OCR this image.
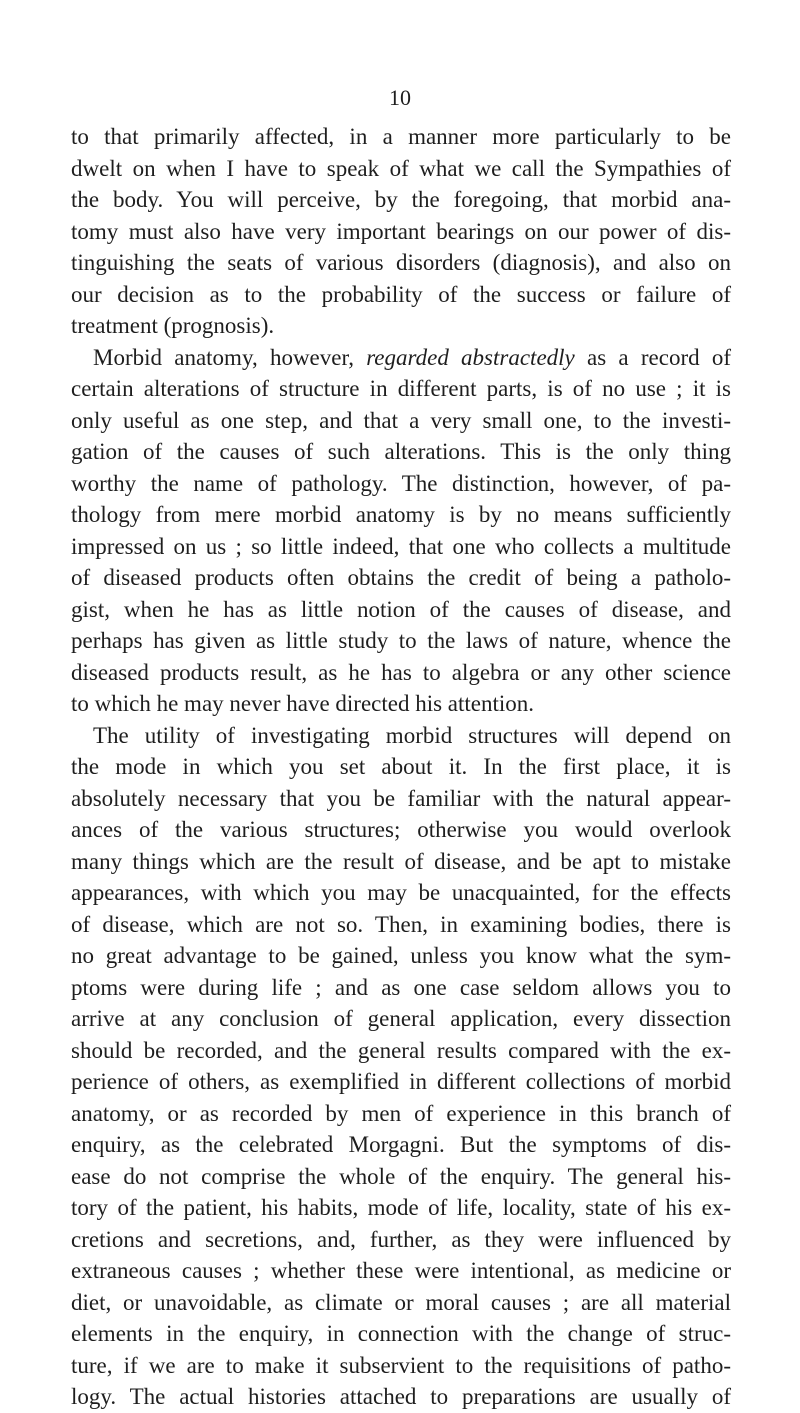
10
to that primarily affected, in a manner more particularly to be
dwelt on when I have to speak of what we call the Sympathies of
the body. You will perceive, by the foregoing, that morbid ana-
tomy must also have very important bearings on our power of dis-
tinguishing the seats of various disorders (diagnosis), and also on
our decision as to the probability of the success or failure of
treatment (prognosis).
Morbid anatomy, however, regarded abstractedly as a record of
certain alterations of structure in different parts, is of no use ; it is
only useful as one step, and that a very small one, to the investi-
gation of the causes of such alterations. This is the only thing
worthy the name of pathology. The distinction, however, of pa-
thology from mere morbid anatomy is by no means sufficiently
impressed on us ; so little indeed, that one who collects a multitude
of diseased products often obtains the credit of being a patholo-
gist, when he has as little notion of the causes of disease, and
perhaps has given as little study to the laws of nature, whence the
diseased products result, as he has to algebra or any other science
to which he may never have directed his attention.
The utility of investigating morbid structures will depend on
the mode in which you set about it. In the first place, it is
absolutely necessary that you be familiar with the natural appear-
ances of the various structures; otherwise you would overlook
many things which are the result of disease, and be apt to mistake
appearances, with which you may be unacquainted, for the effects
of disease, which are not so. Then, in examining bodies, there is
no great advantage to be gained, unless you know what the sym-
ptoms were during life ; and as one case seldom allows you to
arrive at any conclusion of general application, every dissection
should be recorded, and the general results compared with the ex-
perience of others, as exemplified in different collections of morbid
anatomy, or as recorded by men of experience in this branch of
enquiry, as the celebrated Morgagni. But the symptoms of dis-
ease do not comprise the whole of the enquiry. The general his-
tory of the patient, his habits, mode of life, locality, state of his ex-
cretions and secretions, and, further, as they were influenced by
extraneous causes ; whether these were intentional, as medicine or
diet, or unavoidable, as climate or moral causes ; are all material
elements in the enquiry, in connection with the change of struc-
ture, if we are to make it subservient to the requisitions of patho-
logy. The actual histories attached to preparations are usually of
